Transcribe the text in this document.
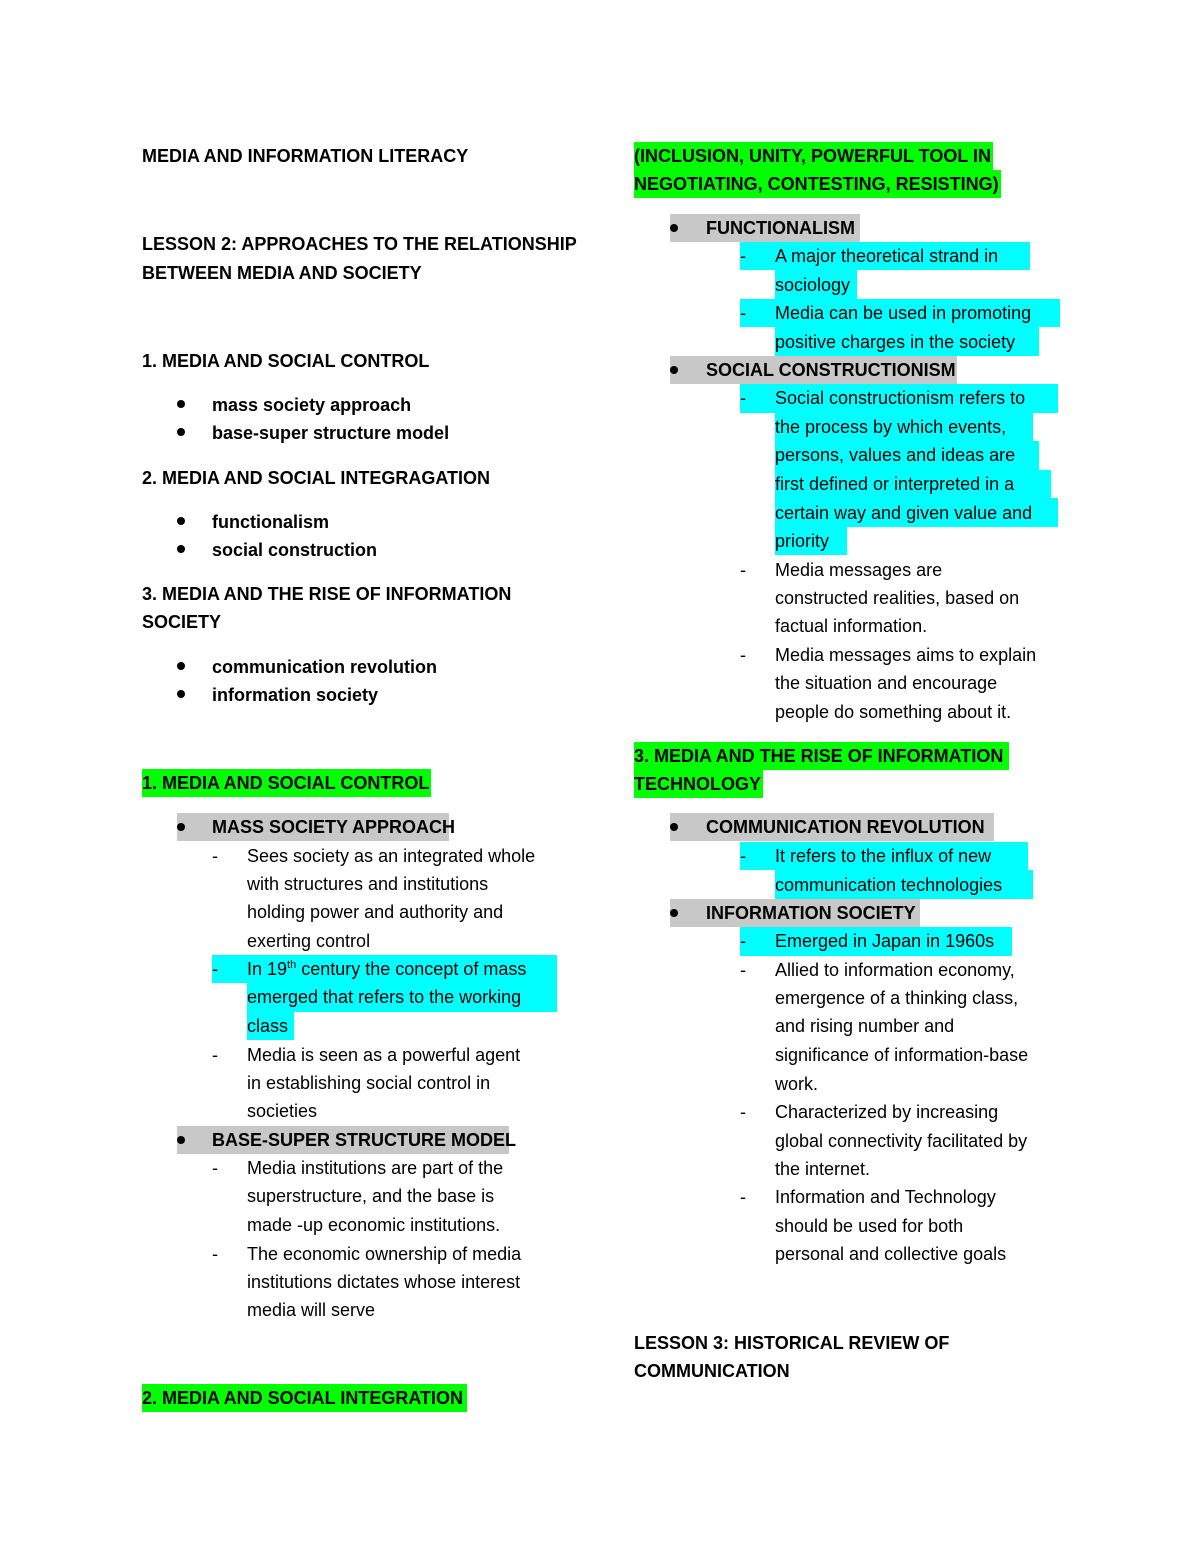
MEDIA AND INFORMATION LITERACY
LESSON 2: APPROACHES TO THE RELATIONSHIP
BETWEEN MEDIA AND SOCIETY
1. MEDIA AND SOCIAL CONTROL
mass society approach
base-super structure model
2. MEDIA AND SOCIAL INTEGRAGATION
functionalism
social construction
3. MEDIA AND THE RISE OF INFORMATION
SOCIETY
communication revolution
information society
1. MEDIA AND SOCIAL CONTROL
MASS SOCIETY APPROACH
- Sees society as an integrated whole
with structures and institutions
holding power and authority and
exerting control
- In 19th century the concept of mass
emerged that refers to the working
class
- Media is seen as a powerful agent
in establishing social control in
societies
BASE-SUPER STRUCTURE MODEL
- Media institutions are part of the
superstructure, and the base is
made -up economic institutions.
- The economic ownership of media
institutions dictates whose interest
media will serve
2. MEDIA AND SOCIAL INTEGRATION
(INCLUSION, UNITY, POWERFUL TOOL IN
NEGOTIATING, CONTESTING, RESISTING)
FUNCTIONALISM
- A major theoretical strand in
sociology
- Media can be used in promoting
positive charges in the society
SOCIAL CONSTRUCTIONISM
- Social constructionism refers to
the process by which events,
persons, values and ideas are
first defined or interpreted in a
certain way and given value and
priority
- Media messages are
constructed realities, based on
factual information.
- Media messages aims to explain
the situation and encourage
people do something about it.
3. MEDIA AND THE RISE OF INFORMATION
TECHNOLOGY
COMMUNICATION REVOLUTION
- It refers to the influx of new
communication technologies
INFORMATION SOCIETY
- Emerged in Japan in 1960s
- Allied to information economy,
emergence of a thinking class,
and rising number and
significance of information-base
work.
- Characterized by increasing
global connectivity facilitated by
the internet.
- Information and Technology
should be used for both
personal and collective goals
LESSON 3: HISTORICAL REVIEW OF
COMMUNICATION
